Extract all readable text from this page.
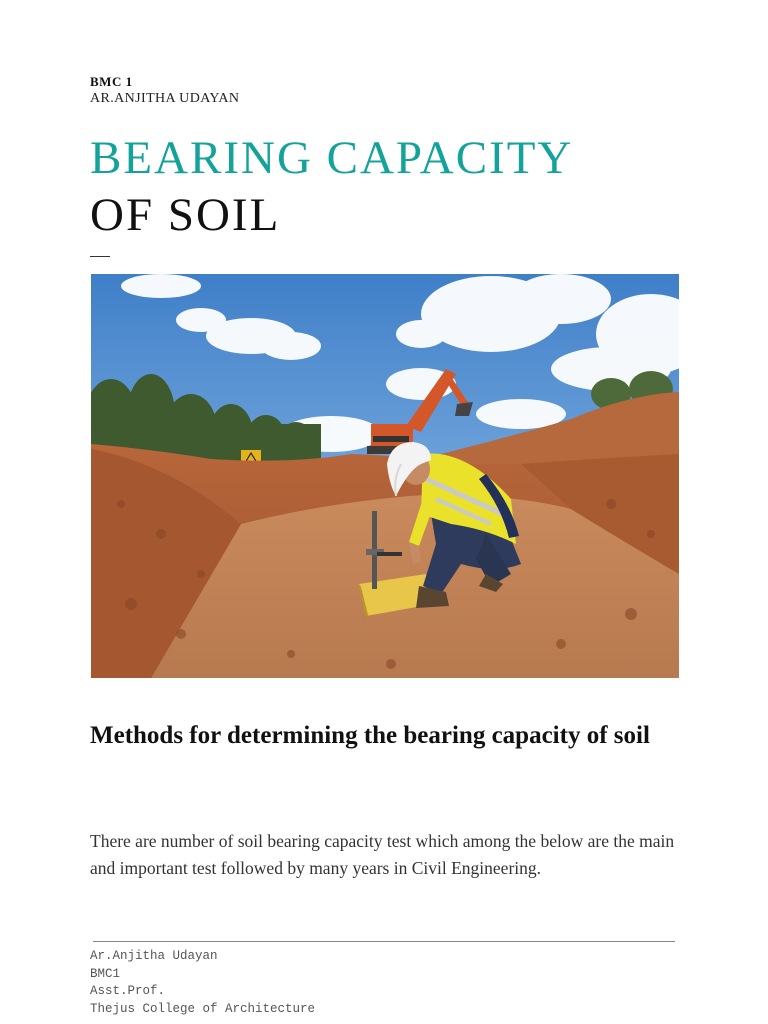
BMC 1
AR.ANJITHA UDAYAN
BEARING CAPACITY
OF SOIL
Methods for determining the bearing capacity of soil
There are number of soil bearing capacity test which among the below are the main and important test followed by many years in Civil Engineering.
Ar.Anjitha Udayan
BMC1
Asst.Prof.
Thejus College of Architecture
